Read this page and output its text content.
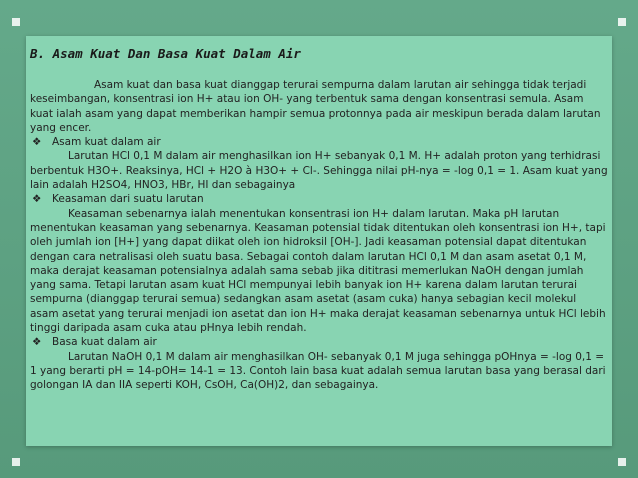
B. Asam Kuat Dan Basa Kuat Dalam Air

Asam kuat dan basa kuat dianggap terurai sempurna dalam larutan air sehingga tidak terjadi keseimbangan, konsentrasi ion H+ atau ion OH- yang terbentuk sama dengan konsentrasi semula. Asam kuat ialah asam yang dapat memberikan hampir semua protonnya pada air meskipun berada dalam larutan yang encer.

❖ Asam kuat dalam air

Larutan HCl 0,1 M dalam air menghasilkan ion H+ sebanyak 0,1 M. H+ adalah proton yang terhidrasi berbentuk H3O+. Reaksinya, HCl + H2O à H3O+ + Cl-. Sehingga nilai pH-nya = -log 0,1 = 1. Asam kuat yang lain adalah H2SO4, HNO3, HBr, HI dan sebagainya

❖ Keasaman dari suatu larutan

Keasaman sebenarnya ialah menentukan konsentrasi ion H+ dalam larutan. Maka pH larutan menentukan keasaman yang sebenarnya. Keasaman potensial tidak ditentukan oleh konsentrasi ion H+, tapi oleh jumlah ion [H+] yang dapat diikat oleh ion hidroksil [OH-]. Jadi keasaman potensial dapat ditentukan dengan cara netralisasi oleh suatu basa. Sebagai contoh dalam larutan HCl 0,1 M dan asam asetat 0,1 M, maka derajat keasaman potensialnya adalah sama sebab jika dititrasi memerlukan NaOH dengan jumlah yang sama. Tetapi larutan asam kuat HCl mempunyai lebih banyak ion H+ karena dalam larutan terurai sempurna (dianggap terurai semua) sedangkan asam asetat (asam cuka) hanya sebagian kecil molekul asam asetat yang terurai menjadi ion asetat dan ion H+ maka derajat keasaman sebenarnya untuk HCl lebih tinggi daripada asam cuka atau pHnya lebih rendah.

❖ Basa kuat dalam air

Larutan NaOH 0,1 M dalam air menghasilkan OH- sebanyak 0,1 M juga sehingga pOHnya = -log 0,1 = 1 yang berarti pH = 14-pOH= 14-1 = 13. Contoh lain basa kuat adalah semua larutan basa yang berasal dari golongan IA dan IIA seperti KOH, CsOH, Ca(OH)2, dan sebagainya.
